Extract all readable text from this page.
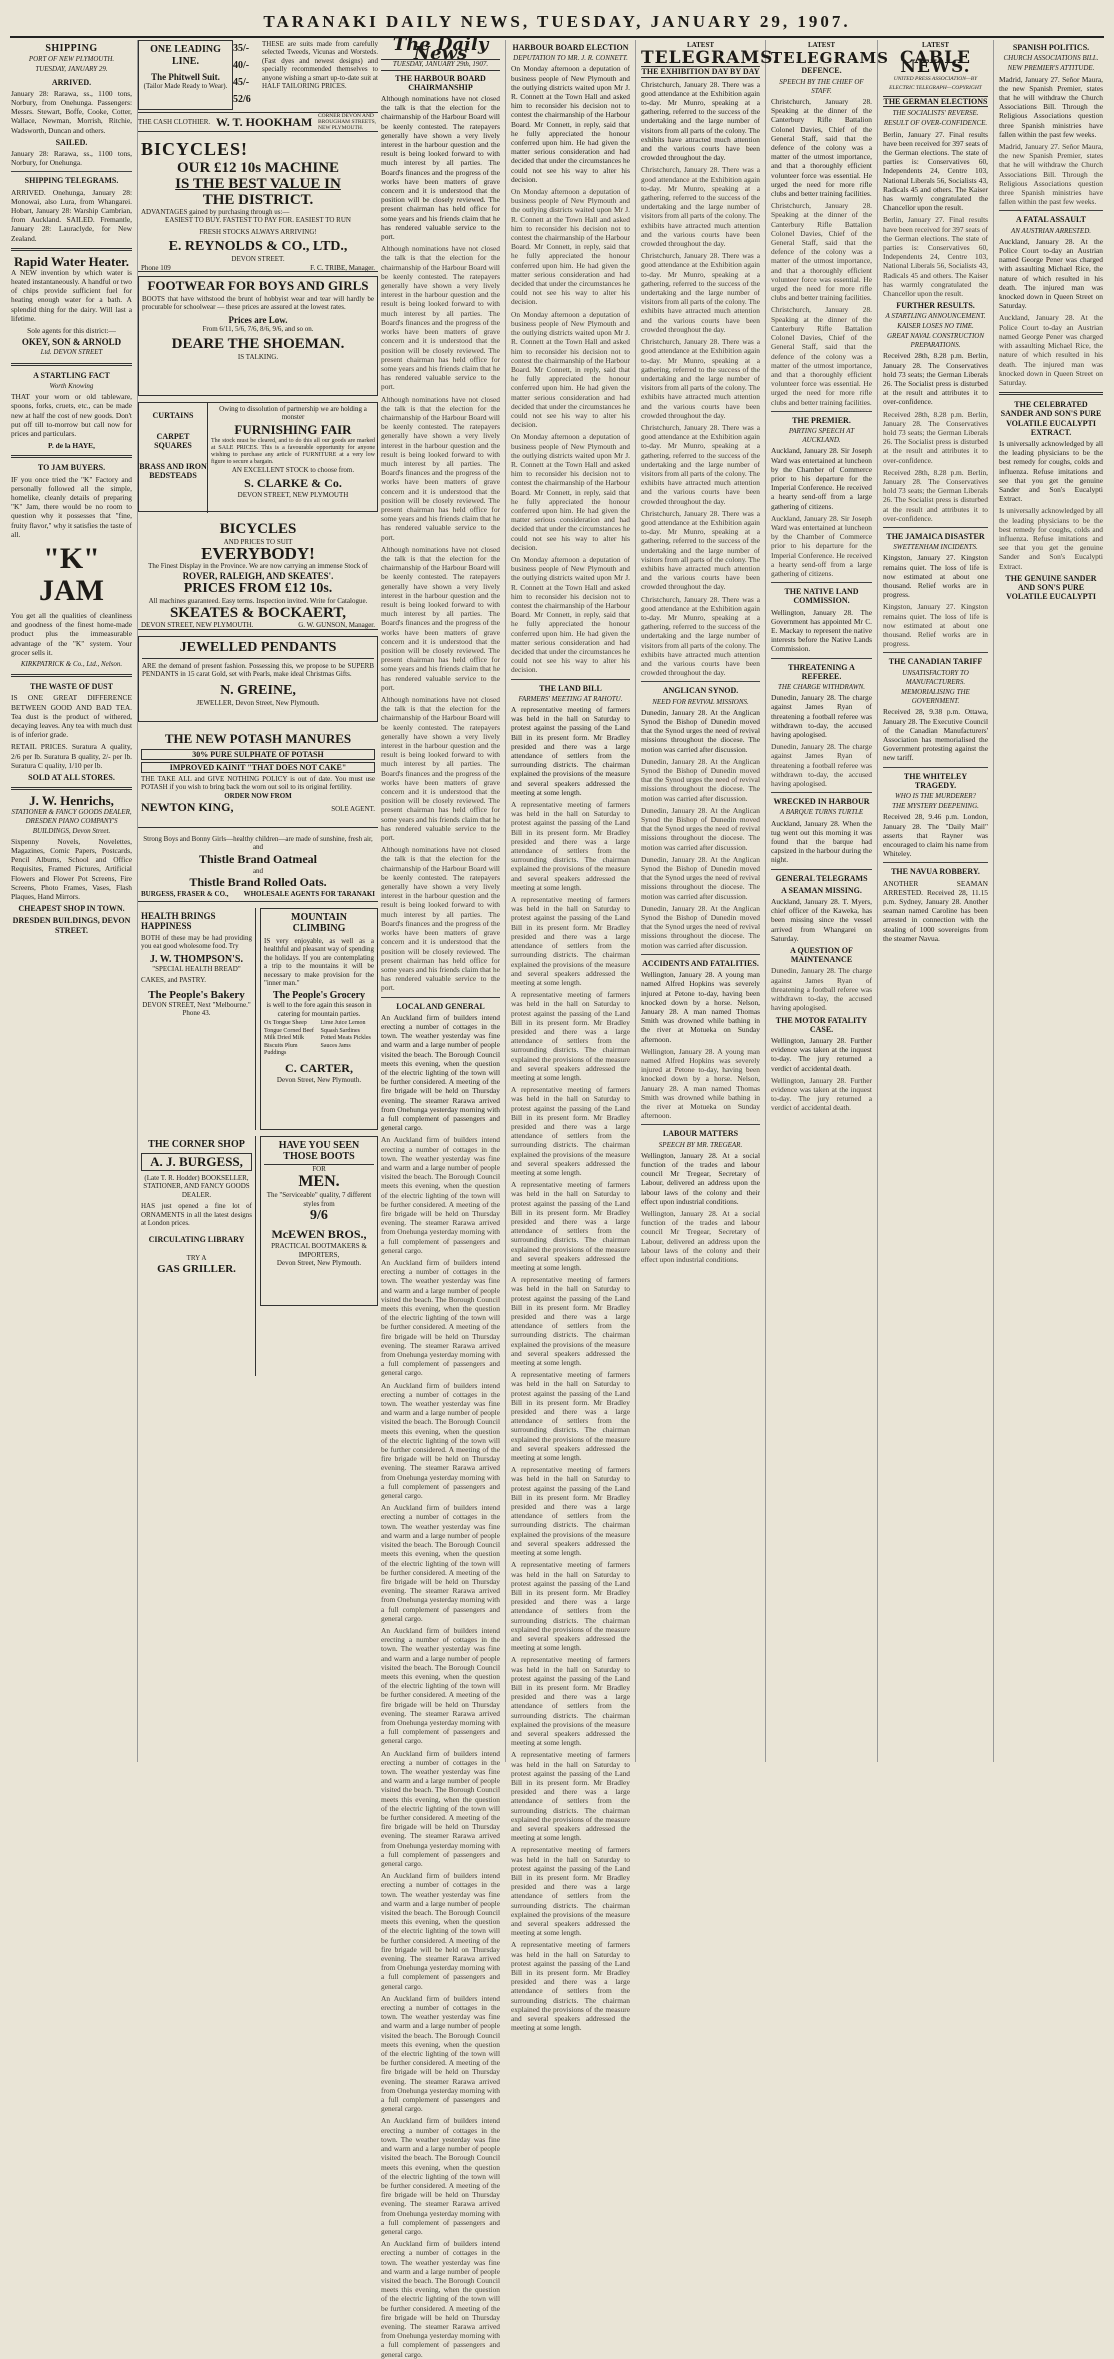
TARANAKI DAILY NEWS, TUESDAY, JANUARY 29, 1907.
SHIPPING
PORT OF NEW PLYMOUTH.
TUESDAY, JANUARY 29.
ARRIVED.

January 28: Rarawa, ss., 1100 tons, Norbury, from Onehunga. Passengers: Messrs. Stewart, Boffe, Cooke, Cotter, Wallace, Newman, Morrish, Ritchie, Wadsworth, Duncan and others.

SAILED.

January 28: Rarawa, ss., 1100 tons, Norbury, for Onehunga.

SHIPPING TELEGRAMS.

ARRIVED. Onehunga, January 28: Monowai, also Lura, from Whangarei. Hobart, January 28: Warship Cambrian, from Auckland. SAILED. Fremantle, January 28: Lauraclyde, for New Zealand.

Rapid Water Heater.

A NEW invention by which water is heated instantaneously. A handful or two of chips provide sufficient fuel for heating enough water for a bath. A splendid thing for the dairy. Will last a lifetime.

Sole agents for this district:—

OKEY, SON & ARNOLD
Ltd. DEVON STREET
A STARTLING FACT
Worth Knowing

THAT your worn or old tableware, spoons, forks, cruets, etc., can be made new at half the cost of new goods. Don't put off till to-morrow but call now for prices and particulars.

P. de la HAYE,
TO JAM BUYERS.

IF you once tried the "K" Factory and personally followed all the simple, homelike, cleanly details of preparing "K" Jam, there would be no room to question why it possesses that "fine, fruity flavor," why it satisfies the taste of all.

"K" JAM

You get all the qualities of cleanliness and goodness of the finest home-made product plus the immeasurable advantage of the "K" system. Your grocer sells it.

KIRKPATRICK & Co., Ltd., Nelson.
THE WASTE OF DUST

IS ONE GREAT DIFFERENCE BETWEEN GOOD AND BAD TEA. Tea dust is the product of withered, decaying leaves. Any tea with much dust is of inferior grade.

RETAIL PRICES. Suratura A quality, 2/6 per lb. Suratura B quality, 2/- per lb. Suratura C quality, 1/10 per lb.

SOLD AT ALL STORES.
J. W. Henrichs,
STATIONER & FANCY GOODS DEALER, DRESDEN PIANO COMPANY'S BUILDINGS, Devon Street.

Sixpenny Novels, Novelettes, Magazines, Comic Papers, Postcards, Pencil Albums, School and Office Requisites, Framed Pictures, Artificial Flowers and Flower Pot Screens, Fire Screens, Photo Frames, Vases, Flash Plaques, Hand Mirrors.

CHEAPEST SHOP IN TOWN.
DRESDEN BUILDINGS, DEVON STREET.
ONE LEADING LINE.
The Phitwell Suit.
(Tailor Made Ready to Wear).
35/-
40/-
45/-
52/6
THESE are suits made from carefully selected Tweeds, Vicunas and Worsteds. (Fast dyes and newest designs) and specially recommended themselves to anyone wishing a smart up-to-date suit at HALF TAILORING PRICES.
THE CASH CLOTHIER. W. T. HOOKHAM CORNER DEVON AND BROUGHAM STREETS, NEW PLYMOUTH.
BICYCLES!
OUR £12 10s MACHINE
IS THE BEST VALUE IN
THE DISTRICT.
ADVANTAGES gained by purchasing through us:—
EASIEST TO BUY. FASTEST TO PAY FOR. EASIEST TO RUN
FRESH STOCKS ALWAYS ARRIVING!
E. REYNOLDS & CO., LTD.,
DEVON STREET.
Phone 109	F. C. TRIBE, Manager.
FOOTWEAR FOR BOYS AND GIRLS
BOOTS that have withstood the brunt of hobbyist wear and tear will hardly be procurable for schoolwear — these prices are assured at the lowest rates.
Prices are Low.
From 6/11, 5/6, 7/6, 8/6, 9/6, and so on.
DEARE THE SHOEMAN.
IS TALKING.
CURTAINS
CARPET SQUARES
BRASS AND IRON BEDSTEADS
Owing to dissolution of partnership we are holding a monster
FURNISHING FAIR
The stock must be cleared, and to do this all our goods are marked at SALE PRICES. This is a favourable opportunity for anyone wishing to purchase any article of FURNITURE at a very low figure to secure a bargain.
AN EXCELLENT STOCK to choose from.
S. CLARKE & Co.
DEVON STREET, NEW PLYMOUTH
BICYCLES
AND PRICES TO SUIT
EVERYBODY!
The Finest Display in the Province. We are now carrying an immense Stock of
ROVER, RALEIGH, AND SKEATES'.
PRICES FROM £12 10s.
All machines guaranteed. Easy terms. Inspection invited. Write for Catalogue.
SKEATES & BOCKAERT,
DEVON STREET, NEW PLYMOUTH.	G. W. GUNSON, Manager.
JEWELLED PENDANTS
ARE the demand of present fashion. Possessing this, we propose to be SUPERB PENDANTS in 15 carat Gold, set with Pearls, make ideal Christmas Gifts.
N. GREINE,
JEWELLER, Devon Street, New Plymouth.
THE NEW POTASH MANURES
30% PURE SULPHATE OF POTASH
IMPROVED KAINIT "THAT DOES NOT CAKE"
THE TAKE ALL and GIVE NOTHING POLICY is out of date. You must use POTASH if you wish to bring back the worn out soil to its original fertility.
ORDER NOW FROM
NEWTON KING,	SOLE AGENT.
Strong Boys and Bonny Girls—healthy children—are made of sunshine, fresh air, and
Thistle Brand Oatmeal
and
Thistle Brand Rolled Oats.
BURGESS, FRASER & CO., WHOLESALE AGENTS FOR TARANAKI
HEALTH BRINGS HAPPINESS
BOTH of these may be had providing you eat good wholesome food. Try
J. W. THOMPSON'S.
"SPECIAL HEALTH BREAD"
CAKES, and PASTRY.
The People's Bakery
DEVON STREET, Next "Melbourne." Phone 43.
MOUNTAIN CLIMBING
IS very enjoyable, as well as a healthful and pleasant way of spending the holidays. If you are contemplating a trip to the mountains it will be necessary to make provision for the "inner man."
The People's Grocery
is well to the fore again this season in catering for mountain parties.
Ox Tongue Sheep Tongue Corned Beef Milk Dried Milk Biscuits Plum Puddings
Lime Juice Lemon Squash Sardines Potted Meats Pickles Sauces Jams
C. CARTER,
Devon Street, New Plymouth.
THE CORNER SHOP
A. J. BURGESS,
(Late T. R. Hodder) BOOKSELLER, STATIONER, AND FANCY GOODS DEALER.
HAS just opened a fine lot of ORNAMENTS in all the latest designs at London prices.
CIRCULATING LIBRARY
TRY A
GAS GRILLER.
HAVE YOU SEEN THOSE BOOTS
FOR
MEN.
The "Serviceable" quality, 7 different styles from
9/6
McEWEN BROS.,
PRACTICAL BOOTMAKERS & IMPORTERS,
Devon Street, New Plymouth.
The Daily News
TUESDAY, JANUARY 29th, 1907.
THE HARBOUR BOARD CHAIRMANSHIP

Although nominations have not closed the talk is that the election for the chairmanship of the Harbour Board will be keenly contested. The ratepayers generally have shown a very lively interest in the harbour question and the result is being looked forward to with much interest by all parties. The Board's finances and the progress of the works have been matters of grave concern and it is understood that the position will be closely reviewed. The present chairman has held office for some years and his friends claim that he has rendered valuable service to the port.

Although nominations have not closed the talk is that the election for the chairmanship of the Harbour Board will be keenly contested. The ratepayers generally have shown a very lively interest in the harbour question and the result is being looked forward to with much interest by all parties. The Board's finances and the progress of the works have been matters of grave concern and it is understood that the position will be closely reviewed. The present chairman has held office for some years and his friends claim that he has rendered valuable service to the port.

Although nominations have not closed the talk is that the election for the chairmanship of the Harbour Board will be keenly contested. The ratepayers generally have shown a very lively interest in the harbour question and the result is being looked forward to with much interest by all parties. The Board's finances and the progress of the works have been matters of grave concern and it is understood that the position will be closely reviewed. The present chairman has held office for some years and his friends claim that he has rendered valuable service to the port.

Although nominations have not closed the talk is that the election for the chairmanship of the Harbour Board will be keenly contested. The ratepayers generally have shown a very lively interest in the harbour question and the result is being looked forward to with much interest by all parties. The Board's finances and the progress of the works have been matters of grave concern and it is understood that the position will be closely reviewed. The present chairman has held office for some years and his friends claim that he has rendered valuable service to the port.

Although nominations have not closed the talk is that the election for the chairmanship of the Harbour Board will be keenly contested. The ratepayers generally have shown a very lively interest in the harbour question and the result is being looked forward to with much interest by all parties. The Board's finances and the progress of the works have been matters of grave concern and it is understood that the position will be closely reviewed. The present chairman has held office for some years and his friends claim that he has rendered valuable service to the port.

Although nominations have not closed the talk is that the election for the chairmanship of the Harbour Board will be keenly contested. The ratepayers generally have shown a very lively interest in the harbour question and the result is being looked forward to with much interest by all parties. The Board's finances and the progress of the works have been matters of grave concern and it is understood that the position will be closely reviewed. The present chairman has held office for some years and his friends claim that he has rendered valuable service to the port.

LOCAL AND GENERAL

An Auckland firm of builders intend erecting a number of cottages in the town. The weather yesterday was fine and warm and a large number of people visited the beach. The Borough Council meets this evening, when the question of the electric lighting of the town will be further considered. A meeting of the fire brigade will be held on Thursday evening. The steamer Rarawa arrived from Onehunga yesterday morning with a full complement of passengers and general cargo.

An Auckland firm of builders intend erecting a number of cottages in the town. The weather yesterday was fine and warm and a large number of people visited the beach. The Borough Council meets this evening, when the question of the electric lighting of the town will be further considered. A meeting of the fire brigade will be held on Thursday evening. The steamer Rarawa arrived from Onehunga yesterday morning with a full complement of passengers and general cargo.

An Auckland firm of builders intend erecting a number of cottages in the town. The weather yesterday was fine and warm and a large number of people visited the beach. The Borough Council meets this evening, when the question of the electric lighting of the town will be further considered. A meeting of the fire brigade will be held on Thursday evening. The steamer Rarawa arrived from Onehunga yesterday morning with a full complement of passengers and general cargo.

An Auckland firm of builders intend erecting a number of cottages in the town. The weather yesterday was fine and warm and a large number of people visited the beach. The Borough Council meets this evening, when the question of the electric lighting of the town will be further considered. A meeting of the fire brigade will be held on Thursday evening. The steamer Rarawa arrived from Onehunga yesterday morning with a full complement of passengers and general cargo.

An Auckland firm of builders intend erecting a number of cottages in the town. The weather yesterday was fine and warm and a large number of people visited the beach. The Borough Council meets this evening, when the question of the electric lighting of the town will be further considered. A meeting of the fire brigade will be held on Thursday evening. The steamer Rarawa arrived from Onehunga yesterday morning with a full complement of passengers and general cargo.

An Auckland firm of builders intend erecting a number of cottages in the town. The weather yesterday was fine and warm and a large number of people visited the beach. The Borough Council meets this evening, when the question of the electric lighting of the town will be further considered. A meeting of the fire brigade will be held on Thursday evening. The steamer Rarawa arrived from Onehunga yesterday morning with a full complement of passengers and general cargo.

An Auckland firm of builders intend erecting a number of cottages in the town. The weather yesterday was fine and warm and a large number of people visited the beach. The Borough Council meets this evening, when the question of the electric lighting of the town will be further considered. A meeting of the fire brigade will be held on Thursday evening. The steamer Rarawa arrived from Onehunga yesterday morning with a full complement of passengers and general cargo.

An Auckland firm of builders intend erecting a number of cottages in the town. The weather yesterday was fine and warm and a large number of people visited the beach. The Borough Council meets this evening, when the question of the electric lighting of the town will be further considered. A meeting of the fire brigade will be held on Thursday evening. The steamer Rarawa arrived from Onehunga yesterday morning with a full complement of passengers and general cargo.

An Auckland firm of builders intend erecting a number of cottages in the town. The weather yesterday was fine and warm and a large number of people visited the beach. The Borough Council meets this evening, when the question of the electric lighting of the town will be further considered. A meeting of the fire brigade will be held on Thursday evening. The steamer Rarawa arrived from Onehunga yesterday morning with a full complement of passengers and general cargo.

An Auckland firm of builders intend erecting a number of cottages in the town. The weather yesterday was fine and warm and a large number of people visited the beach. The Borough Council meets this evening, when the question of the electric lighting of the town will be further considered. A meeting of the fire brigade will be held on Thursday evening. The steamer Rarawa arrived from Onehunga yesterday morning with a full complement of passengers and general cargo.

An Auckland firm of builders intend erecting a number of cottages in the town. The weather yesterday was fine and warm and a large number of people visited the beach. The Borough Council meets this evening, when the question of the electric lighting of the town will be further considered. A meeting of the fire brigade will be held on Thursday evening. The steamer Rarawa arrived from Onehunga yesterday morning with a full complement of passengers and general cargo.

HARBOUR BOARD ELECTION
DEPUTATION TO MR. J. R. CONNETT.

On Monday afternoon a deputation of business people of New Plymouth and the outlying districts waited upon Mr J. R. Connett at the Town Hall and asked him to reconsider his decision not to contest the chairmanship of the Harbour Board. Mr Connett, in reply, said that he fully appreciated the honour conferred upon him. He had given the matter serious consideration and had decided that under the circumstances he could not see his way to alter his decision.

On Monday afternoon a deputation of business people of New Plymouth and the outlying districts waited upon Mr J. R. Connett at the Town Hall and asked him to reconsider his decision not to contest the chairmanship of the Harbour Board. Mr Connett, in reply, said that he fully appreciated the honour conferred upon him. He had given the matter serious consideration and had decided that under the circumstances he could not see his way to alter his decision.

On Monday afternoon a deputation of business people of New Plymouth and the outlying districts waited upon Mr J. R. Connett at the Town Hall and asked him to reconsider his decision not to contest the chairmanship of the Harbour Board. Mr Connett, in reply, said that he fully appreciated the honour conferred upon him. He had given the matter serious consideration and had decided that under the circumstances he could not see his way to alter his decision.

On Monday afternoon a deputation of business people of New Plymouth and the outlying districts waited upon Mr J. R. Connett at the Town Hall and asked him to reconsider his decision not to contest the chairmanship of the Harbour Board. Mr Connett, in reply, said that he fully appreciated the honour conferred upon him. He had given the matter serious consideration and had decided that under the circumstances he could not see his way to alter his decision.

On Monday afternoon a deputation of business people of New Plymouth and the outlying districts waited upon Mr J. R. Connett at the Town Hall and asked him to reconsider his decision not to contest the chairmanship of the Harbour Board. Mr Connett, in reply, said that he fully appreciated the honour conferred upon him. He had given the matter serious consideration and had decided that under the circumstances he could not see his way to alter his decision.

THE LAND BILL
FARMERS' MEETING AT RAHOTU.

A representative meeting of farmers was held in the hall on Saturday to protest against the passing of the Land Bill in its present form. Mr Bradley presided and there was a large attendance of settlers from the surrounding districts. The chairman explained the provisions of the measure and several speakers addressed the meeting at some length.

A representative meeting of farmers was held in the hall on Saturday to protest against the passing of the Land Bill in its present form. Mr Bradley presided and there was a large attendance of settlers from the surrounding districts. The chairman explained the provisions of the measure and several speakers addressed the meeting at some length.

A representative meeting of farmers was held in the hall on Saturday to protest against the passing of the Land Bill in its present form. Mr Bradley presided and there was a large attendance of settlers from the surrounding districts. The chairman explained the provisions of the measure and several speakers addressed the meeting at some length.

A representative meeting of farmers was held in the hall on Saturday to protest against the passing of the Land Bill in its present form. Mr Bradley presided and there was a large attendance of settlers from the surrounding districts. The chairman explained the provisions of the measure and several speakers addressed the meeting at some length.

A representative meeting of farmers was held in the hall on Saturday to protest against the passing of the Land Bill in its present form. Mr Bradley presided and there was a large attendance of settlers from the surrounding districts. The chairman explained the provisions of the measure and several speakers addressed the meeting at some length.

A representative meeting of farmers was held in the hall on Saturday to protest against the passing of the Land Bill in its present form. Mr Bradley presided and there was a large attendance of settlers from the surrounding districts. The chairman explained the provisions of the measure and several speakers addressed the meeting at some length.

A representative meeting of farmers was held in the hall on Saturday to protest against the passing of the Land Bill in its present form. Mr Bradley presided and there was a large attendance of settlers from the surrounding districts. The chairman explained the provisions of the measure and several speakers addressed the meeting at some length.

A representative meeting of farmers was held in the hall on Saturday to protest against the passing of the Land Bill in its present form. Mr Bradley presided and there was a large attendance of settlers from the surrounding districts. The chairman explained the provisions of the measure and several speakers addressed the meeting at some length.

A representative meeting of farmers was held in the hall on Saturday to protest against the passing of the Land Bill in its present form. Mr Bradley presided and there was a large attendance of settlers from the surrounding districts. The chairman explained the provisions of the measure and several speakers addressed the meeting at some length.

A representative meeting of farmers was held in the hall on Saturday to protest against the passing of the Land Bill in its present form. Mr Bradley presided and there was a large attendance of settlers from the surrounding districts. The chairman explained the provisions of the measure and several speakers addressed the meeting at some length.

A representative meeting of farmers was held in the hall on Saturday to protest against the passing of the Land Bill in its present form. Mr Bradley presided and there was a large attendance of settlers from the surrounding districts. The chairman explained the provisions of the measure and several speakers addressed the meeting at some length.

A representative meeting of farmers was held in the hall on Saturday to protest against the passing of the Land Bill in its present form. Mr Bradley presided and there was a large attendance of settlers from the surrounding districts. The chairman explained the provisions of the measure and several speakers addressed the meeting at some length.

A representative meeting of farmers was held in the hall on Saturday to protest against the passing of the Land Bill in its present form. Mr Bradley presided and there was a large attendance of settlers from the surrounding districts. The chairman explained the provisions of the measure and several speakers addressed the meeting at some length.

A representative meeting of farmers was held in the hall on Saturday to protest against the passing of the Land Bill in its present form. Mr Bradley presided and there was a large attendance of settlers from the surrounding districts. The chairman explained the provisions of the measure and several speakers addressed the meeting at some length.

LATEST
TELEGRAMS.
THE EXHIBITION DAY BY DAY

Christchurch, January 28. There was a good attendance at the Exhibition again to-day. Mr Munro, speaking at a gathering, referred to the success of the undertaking and the large number of visitors from all parts of the colony. The exhibits have attracted much attention and the various courts have been crowded throughout the day.

Christchurch, January 28. There was a good attendance at the Exhibition again to-day. Mr Munro, speaking at a gathering, referred to the success of the undertaking and the large number of visitors from all parts of the colony. The exhibits have attracted much attention and the various courts have been crowded throughout the day.

Christchurch, January 28. There was a good attendance at the Exhibition again to-day. Mr Munro, speaking at a gathering, referred to the success of the undertaking and the large number of visitors from all parts of the colony. The exhibits have attracted much attention and the various courts have been crowded throughout the day.

Christchurch, January 28. There was a good attendance at the Exhibition again to-day. Mr Munro, speaking at a gathering, referred to the success of the undertaking and the large number of visitors from all parts of the colony. The exhibits have attracted much attention and the various courts have been crowded throughout the day.

Christchurch, January 28. There was a good attendance at the Exhibition again to-day. Mr Munro, speaking at a gathering, referred to the success of the undertaking and the large number of visitors from all parts of the colony. The exhibits have attracted much attention and the various courts have been crowded throughout the day.

Christchurch, January 28. There was a good attendance at the Exhibition again to-day. Mr Munro, speaking at a gathering, referred to the success of the undertaking and the large number of visitors from all parts of the colony. The exhibits have attracted much attention and the various courts have been crowded throughout the day.

Christchurch, January 28. There was a good attendance at the Exhibition again to-day. Mr Munro, speaking at a gathering, referred to the success of the undertaking and the large number of visitors from all parts of the colony. The exhibits have attracted much attention and the various courts have been crowded throughout the day.

ANGLICAN SYNOD.
NEED FOR REVIVAL MISSIONS.

Dunedin, January 28. At the Anglican Synod the Bishop of Dunedin moved that the Synod urges the need of revival missions throughout the diocese. The motion was carried after discussion.

Dunedin, January 28. At the Anglican Synod the Bishop of Dunedin moved that the Synod urges the need of revival missions throughout the diocese. The motion was carried after discussion.

Dunedin, January 28. At the Anglican Synod the Bishop of Dunedin moved that the Synod urges the need of revival missions throughout the diocese. The motion was carried after discussion.

Dunedin, January 28. At the Anglican Synod the Bishop of Dunedin moved that the Synod urges the need of revival missions throughout the diocese. The motion was carried after discussion.

Dunedin, January 28. At the Anglican Synod the Bishop of Dunedin moved that the Synod urges the need of revival missions throughout the diocese. The motion was carried after discussion.

ACCIDENTS AND FATALITIES.

Wellington, January 28. A young man named Alfred Hopkins was severely injured at Petone to-day, having been knocked down by a horse. Nelson, January 28. A man named Thomas Smith was drowned while bathing in the river at Motueka on Sunday afternoon.

Wellington, January 28. A young man named Alfred Hopkins was severely injured at Petone to-day, having been knocked down by a horse. Nelson, January 28. A man named Thomas Smith was drowned while bathing in the river at Motueka on Sunday afternoon.

LABOUR MATTERS
SPEECH BY MR. TREGEAR.

Wellington, January 28. At a social function of the trades and labour council Mr Tregear, Secretary of Labour, delivered an address upon the labour laws of the colony and their effect upon industrial conditions.

Wellington, January 28. At a social function of the trades and labour council Mr Tregear, Secretary of Labour, delivered an address upon the labour laws of the colony and their effect upon industrial conditions.

LATEST
TELEGRAMS
DEFENCE.
SPEECH BY THE CHIEF OF STAFF.

Christchurch, January 28. Speaking at the dinner of the Canterbury Rifle Battalion Colonel Davies, Chief of the General Staff, said that the defence of the colony was a matter of the utmost importance, and that a thoroughly efficient volunteer force was essential. He urged the need for more rifle clubs and better training facilities.

Christchurch, January 28. Speaking at the dinner of the Canterbury Rifle Battalion Colonel Davies, Chief of the General Staff, said that the defence of the colony was a matter of the utmost importance, and that a thoroughly efficient volunteer force was essential. He urged the need for more rifle clubs and better training facilities.

Christchurch, January 28. Speaking at the dinner of the Canterbury Rifle Battalion Colonel Davies, Chief of the General Staff, said that the defence of the colony was a matter of the utmost importance, and that a thoroughly efficient volunteer force was essential. He urged the need for more rifle clubs and better training facilities.

THE PREMIER.
PARTING SPEECH AT AUCKLAND.

Auckland, January 28. Sir Joseph Ward was entertained at luncheon by the Chamber of Commerce prior to his departure for the Imperial Conference. He received a hearty send-off from a large gathering of citizens.

Auckland, January 28. Sir Joseph Ward was entertained at luncheon by the Chamber of Commerce prior to his departure for the Imperial Conference. He received a hearty send-off from a large gathering of citizens.

THE NATIVE LAND COMMISSION.

Wellington, January 28. The Government has appointed Mr C. E. Mackay to represent the native interests before the Native Lands Commission.

THREATENING A REFEREE.
THE CHARGE WITHDRAWN.

Dunedin, January 28. The charge against James Ryan of threatening a football referee was withdrawn to-day, the accused having apologised.

Dunedin, January 28. The charge against James Ryan of threatening a football referee was withdrawn to-day, the accused having apologised.

WRECKED IN HARBOUR
A BARQUE TURNS TURTLE

Auckland, January 28. When the tug went out this morning it was found that the barque had capsized in the harbour during the night.

GENERAL TELEGRAMS
A SEAMAN MISSING.

Auckland, January 28. T. Myers, chief officer of the Kaweka, has been missing since the vessel arrived from Whangarei on Saturday.

A QUESTION OF MAINTENANCE

Dunedin, January 28. The charge against James Ryan of threatening a football referee was withdrawn to-day, the accused having apologised.

THE MOTOR FATALITY CASE.

Wellington, January 28. Further evidence was taken at the inquest to-day. The jury returned a verdict of accidental death.

Wellington, January 28. Further evidence was taken at the inquest to-day. The jury returned a verdict of accidental death.

LATEST
CABLE NEWS.
UNITED PRESS ASSOCIATION—BY ELECTRIC TELEGRAPH—COPYRIGHT
THE GERMAN ELECTIONS
THE SOCIALISTS' REVERSE.
RESULT OF OVER-CONFIDENCE.

Berlin, January 27. Final results have been received for 397 seats of the German elections. The state of parties is: Conservatives 60, Independents 24, Centre 103, National Liberals 56, Socialists 43, Radicals 45 and others. The Kaiser has warmly congratulated the Chancellor upon the result.

Berlin, January 27. Final results have been received for 397 seats of the German elections. The state of parties is: Conservatives 60, Independents 24, Centre 103, National Liberals 56, Socialists 43, Radicals 45 and others. The Kaiser has warmly congratulated the Chancellor upon the result.

FURTHER RESULTS.
A STARTLING ANNOUNCEMENT. KAISER LOSES NO TIME.
GREAT NAVAL CONSTRUCTION PREPARATIONS.

Received 28th, 8.28 p.m. Berlin, January 28. The Conservatives hold 73 seats; the German Liberals 26. The Socialist press is disturbed at the result and attributes it to over-confidence.

Received 28th, 8.28 p.m. Berlin, January 28. The Conservatives hold 73 seats; the German Liberals 26. The Socialist press is disturbed at the result and attributes it to over-confidence.

Received 28th, 8.28 p.m. Berlin, January 28. The Conservatives hold 73 seats; the German Liberals 26. The Socialist press is disturbed at the result and attributes it to over-confidence.

THE JAMAICA DISASTER
SWETTENHAM INCIDENTS.

Kingston, January 27. Kingston remains quiet. The loss of life is now estimated at about one thousand. Relief works are in progress.

Kingston, January 27. Kingston remains quiet. The loss of life is now estimated at about one thousand. Relief works are in progress.

THE CANADIAN TARIFF
UNSATISFACTORY TO MANUFACTURERS.
MEMORIALISING THE GOVERNMENT.

Received 28, 9.38 p.m. Ottawa, January 28. The Executive Council of the Canadian Manufacturers' Association has memorialised the Government protesting against the new tariff.

THE WHITELEY TRAGEDY.
WHO IS THE MURDERER?
THE MYSTERY DEEPENING.

Received 28, 9.46 p.m. London, January 28. The "Daily Mail" asserts that Rayner was encouraged to claim his name from Whiteley.

THE NAVUA ROBBERY.

ANOTHER SEAMAN ARRESTED. Received 28, 11.15 p.m. Sydney, January 28. Another seaman named Caroline has been arrested in connection with the stealing of 1000 sovereigns from the steamer Navua.

SPANISH POLITICS.
CHURCH ASSOCIATIONS BILL.
NEW PREMIER'S ATTITUDE.

Madrid, January 27. Señor Maura, the new Spanish Premier, states that he will withdraw the Church Associations Bill. Through the Religious Associations question three Spanish ministries have fallen within the past few weeks.

Madrid, January 27. Señor Maura, the new Spanish Premier, states that he will withdraw the Church Associations Bill. Through the Religious Associations question three Spanish ministries have fallen within the past few weeks.

A FATAL ASSAULT
AN AUSTRIAN ARRESTED.

Auckland, January 28. At the Police Court to-day an Austrian named George Pener was charged with assaulting Michael Rice, the nature of which resulted in his death. The injured man was knocked down in Queen Street on Saturday.

Auckland, January 28. At the Police Court to-day an Austrian named George Pener was charged with assaulting Michael Rice, the nature of which resulted in his death. The injured man was knocked down in Queen Street on Saturday.

THE CELEBRATED SANDER AND SON'S PURE VOLATILE EUCALYPTI EXTRACT.

Is universally acknowledged by all the leading physicians to be the best remedy for coughs, colds and influenza. Refuse imitations and see that you get the genuine Sander and Son's Eucalypti Extract.

Is universally acknowledged by all the leading physicians to be the best remedy for coughs, colds and influenza. Refuse imitations and see that you get the genuine Sander and Son's Eucalypti Extract.

THE GENUINE SANDER AND SON'S PURE VOLATILE EUCALYPTI
